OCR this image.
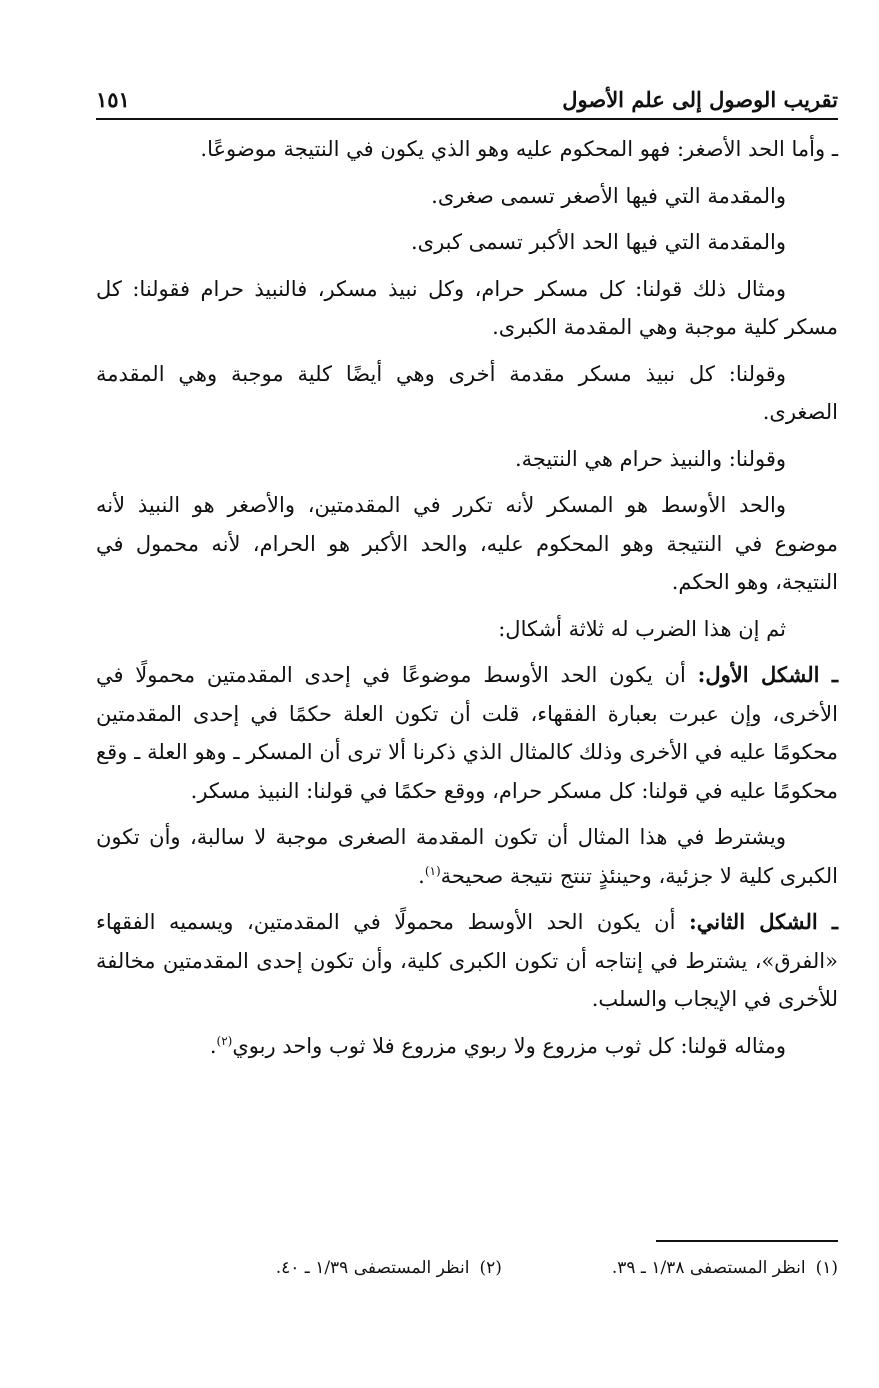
تقريب الوصول إلى علم الأصول
١٥١

ـ وأما الحد الأصغر: فهو المحكوم عليه وهو الذي يكون في النتيجة موضوعًا.

والمقدمة التي فيها الأصغر تسمى صغرى.

والمقدمة التي فيها الحد الأكبر تسمى كبرى.

ومثال ذلك قولنا: كل مسكر حرام، وكل نبيذ مسكر، فالنبيذ حرام فقولنا: كل مسكر كلية موجبة وهي المقدمة الكبرى.

وقولنا: كل نبيذ مسكر مقدمة أخرى وهي أيضًا كلية موجبة وهي المقدمة الصغرى.

وقولنا: والنبيذ حرام هي النتيجة.

والحد الأوسط هو المسكر لأنه تكرر في المقدمتين، والأصغر هو النبيذ لأنه موضوع في النتيجة وهو المحكوم عليه، والحد الأكبر هو الحرام، لأنه محمول في النتيجة، وهو الحكم.

ثم إن هذا الضرب له ثلاثة أشكال:

ـ الشكل الأول: أن يكون الحد الأوسط موضوعًا في إحدى المقدمتين محمولًا في الأخرى، وإن عبرت بعبارة الفقهاء، قلت أن تكون العلة حكمًا في إحدى المقدمتين محكومًا عليه في الأخرى وذلك كالمثال الذي ذكرنا ألا ترى أن المسكر ـ وهو العلة ـ وقع محكومًا عليه في قولنا: كل مسكر حرام، ووقع حكمًا في قولنا: النبيذ مسكر.

ويشترط في هذا المثال أن تكون المقدمة الصغرى موجبة لا سالبة، وأن تكون الكبرى كلية لا جزئية، وحينئذٍ تنتج نتيجة صحيحة$^{(١)}$.

ـ الشكل الثاني: أن يكون الحد الأوسط محمولًا في المقدمتين، ويسميه الفقهاء «الفرق»، يشترط في إنتاجه أن تكون الكبرى كلية، وأن تكون إحدى المقدمتين مخالفة للأخرى في الإيجاب والسلب.

ومثاله قولنا: كل ثوب مزروع ولا ربوي مزروع فلا ثوب واحد ربوي$^{(٢)}$.

(١)انظر المستصفى ١/٣٨ ـ ٣٩.
(٢)انظر المستصفى ١/٣٩ ـ ٤٠.
